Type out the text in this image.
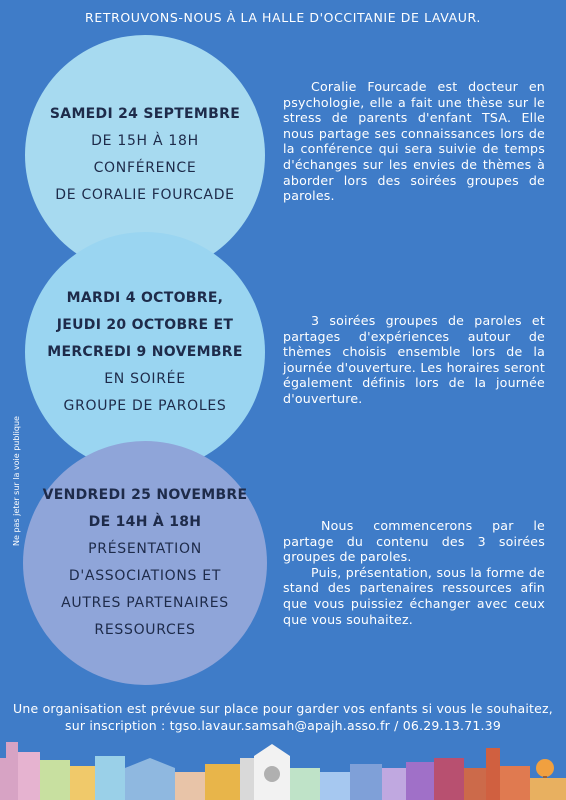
RETROUVONS-NOUS À LA HALLE D'OCCITANIE DE LAVAUR.
SAMEDI 24 SEPTEMBRE
DE 15H À 18H
CONFÉRENCE
DE CORALIE FOURCADE
MARDI 4 OCTOBRE,
JEUDI 20 OCTOBRE ET
MERCREDI 9 NOVEMBRE
EN SOIRÉE
GROUPE DE PAROLES
VENDREDI 25 NOVEMBRE
DE 14H À 18H
PRÉSENTATION
D'ASSOCIATIONS ET
AUTRES PARTENAIRES
RESSOURCES

Coralie Fourcade est docteur en psychologie, elle a fait une thèse sur le stress de parents d'enfant TSA. Elle nous partage ses connaissances lors de la conférence qui sera suivie de temps d'échanges sur les envies de thèmes à aborder lors des soirées groupes de paroles.

3 soirées groupes de paroles et partages d'expériences autour de thèmes choisis ensemble lors de la journée d'ouverture. Les horaires seront également définis lors de la journée d'ouverture.

Nous commencerons par le partage du contenu des 3 soirées groupes de paroles.

Puis, présentation, sous la forme de stand des partenaires ressources afin que vous puissiez échanger avec ceux que vous souhaitez.

Ne pas jeter sur la voie publique
Une organisation est prévue sur place pour garder vos enfants si vous le souhaitez,
sur inscription : tgso.lavaur.samsah@apajh.asso.fr / 06.29.13.71.39
